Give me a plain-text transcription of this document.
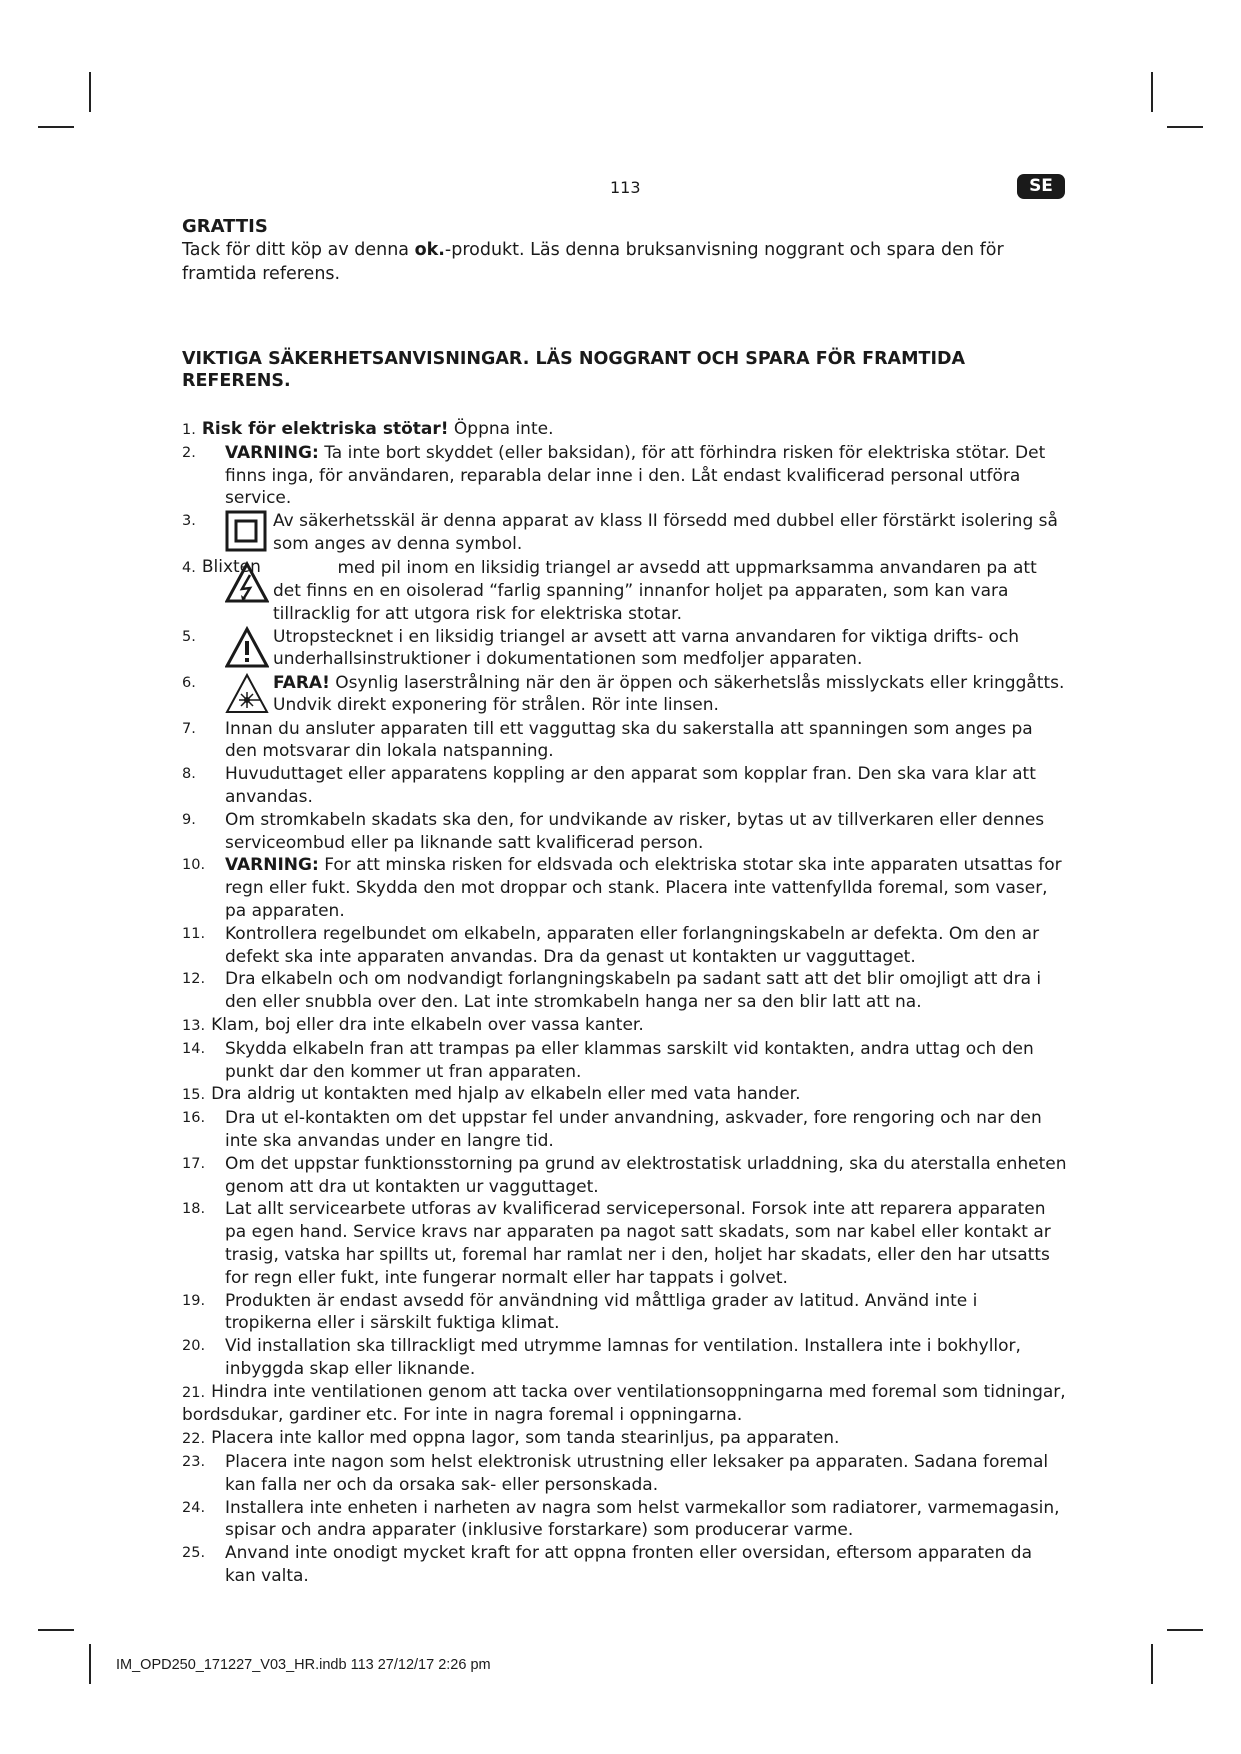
113	SE

GRATTIS

Tack för ditt köp av denna ok.-produkt. Läs denna bruksanvisning noggrant och spara den för framtida referens.

VIKTIGA SÄKERHETSANVISNINGAR. LÄS NOGGRANT OCH SPARA FÖR FRAMTIDA REFERENS.

1. Risk för elektriska stötar! Öppna inte.
2. VARNING: Ta inte bort skyddet (eller baksidan), för att förhindra risken för elektriska stötar. Det finns inga, för användaren, reparabla delar inne i den. Låt endast kvalificerad personal utföra service.
3.	Av säkerhetsskäl är denna apparat av klass II försedd med dubbel eller förstärkt isolering så som anges av denna symbol.
4. Blixten	med pil inom en liksidig triangel ar avsedd att uppmarksamma anvandaren pa att det finns en en oisolerad “farlig spanning” innanfor holjet pa apparaten, som kan vara tillracklig for att utgora risk for elektriska stotar.
5.	Utropstecknet i en liksidig triangel ar avsett att varna anvandaren for viktiga drifts- och underhallsinstruktioner i dokumentationen som medfoljer apparaten.
6.	FARA! Osynlig laserstrålning när den är öppen och säkerhetslås misslyckats eller kringgåtts. Undvik direkt exponering för strålen. Rör inte linsen.
7. Innan du ansluter apparaten till ett vagguttag ska du sakerstalla att spanningen som anges pa den motsvarar din lokala natspanning.
8. Huvuduttaget eller apparatens koppling ar den apparat som kopplar fran. Den ska vara klar att anvandas.
9. Om stromkabeln skadats ska den, for undvikande av risker, bytas ut av tillverkaren eller dennes serviceombud eller pa liknande satt kvalificerad person.
10. VARNING: For att minska risken for eldsvada och elektriska stotar ska inte apparaten utsattas for regn eller fukt. Skydda den mot droppar och stank. Placera inte vattenfyllda foremal, som vaser, pa apparaten.
11. Kontrollera regelbundet om elkabeln, apparaten eller forlangningskabeln ar defekta. Om den ar defekt ska inte apparaten anvandas. Dra da genast ut kontakten ur vagguttaget.
12. Dra elkabeln och om nodvandigt forlangningskabeln pa sadant satt att det blir omojligt att dra i den eller snubbla over den. Lat inte stromkabeln hanga ner sa den blir latt att na.
13. Klam, boj eller dra inte elkabeln over vassa kanter.
14. Skydda elkabeln fran att trampas pa eller klammas sarskilt vid kontakten, andra uttag och den punkt dar den kommer ut fran apparaten.
15. Dra aldrig ut kontakten med hjalp av elkabeln eller med vata hander.
16. Dra ut el-kontakten om det uppstar fel under anvandning, askvader, fore rengoring och nar den inte ska anvandas under en langre tid.
17. Om det uppstar funktionsstorning pa grund av elektrostatisk urladdning, ska du aterstalla enheten genom att dra ut kontakten ur vagguttaget.
18. Lat allt servicearbete utforas av kvalificerad servicepersonal. Forsok inte att reparera apparaten pa egen hand. Service kravs nar apparaten pa nagot satt skadats, som nar kabel eller kontakt ar trasig, vatska har spillts ut, foremal har ramlat ner i den, holjet har skadats, eller den har utsatts for regn eller fukt, inte fungerar normalt eller har tappats i golvet.
19. Produkten är endast avsedd för användning vid måttliga grader av latitud. Använd inte i tropikerna eller i särskilt fuktiga klimat.
20. Vid installation ska tillrackligt med utrymme lamnas for ventilation. Installera inte i bokhyllor, inbyggda skap eller liknande.
21. Hindra inte ventilationen genom att tacka over ventilationsoppningarna med foremal som tidningar, bordsdukar, gardiner etc. For inte in nagra foremal i oppningarna.
22. Placera inte kallor med oppna lagor, som tanda stearinljus, pa apparaten.
23. Placera inte nagon som helst elektronisk utrustning eller leksaker pa apparaten. Sadana foremal kan falla ner och da orsaka sak- eller personskada.
24. Installera inte enheten i narheten av nagra som helst varmekallor som radiatorer, varmemagasin, spisar och andra apparater (inklusive forstarkare) som producerar varme.
25. Anvand inte onodigt mycket kraft for att oppna fronten eller oversidan, eftersom apparaten da kan valta.
IM_OPD250_171227_V03_HR.indb 113 27/12/17 2:26 pm
